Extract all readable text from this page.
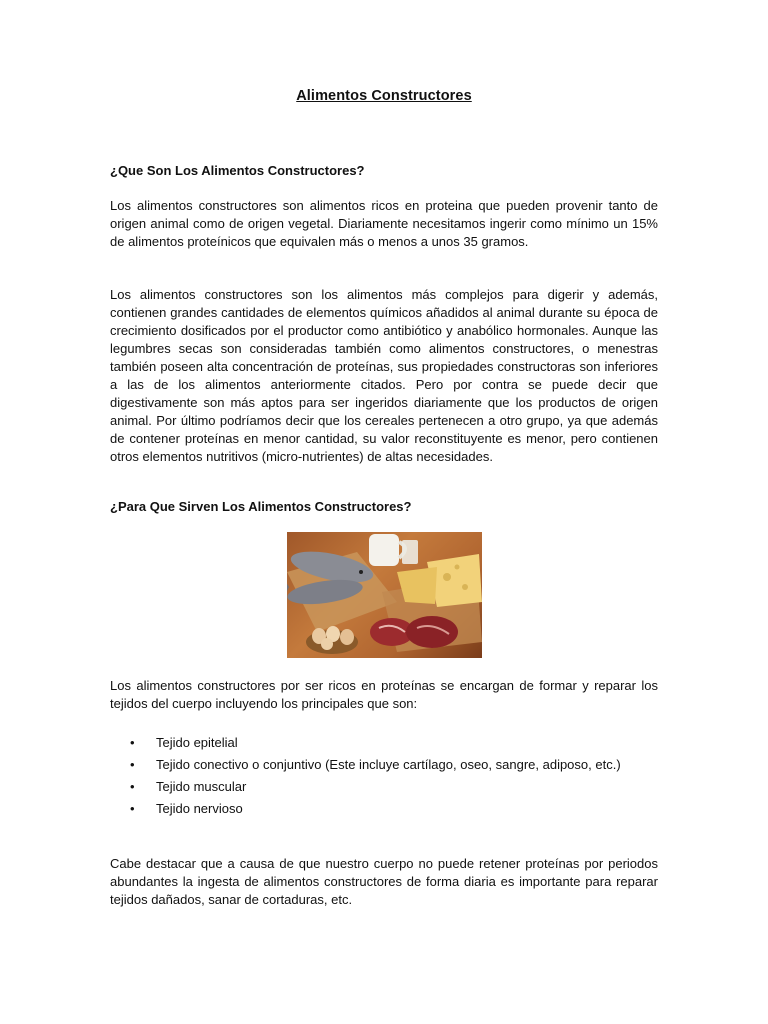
Alimentos Constructores
¿Que Son Los Alimentos Constructores?

Los alimentos constructores son alimentos ricos en proteina que pueden provenir tanto de origen animal como de origen vegetal. Diariamente necesitamos ingerir como mínimo un 15% de alimentos proteínicos que equivalen más o menos a unos 35 gramos.

Los alimentos constructores son los alimentos más complejos para digerir y además, contienen grandes cantidades de elementos químicos añadidos al animal durante su época de crecimiento dosificados por el productor como antibiótico y anabólico hormonales. Aunque las legumbres secas son consideradas también como alimentos constructores, o menestras también poseen alta concentración de proteínas, sus propiedades constructoras son inferiores a las de los alimentos anteriormente citados. Pero por contra se puede decir que digestivamente son más aptos para ser ingeridos diariamente que los productos de origen animal. Por último podríamos decir que los cereales pertenecen a otro grupo, ya que además de contener proteínas en menor cantidad, su valor reconstituyente es menor, pero contienen otros elementos nutritivos (micro-nutrientes) de altas necesidades.

¿Para Que Sirven Los Alimentos Constructores?

Los alimentos constructores por ser ricos en proteínas se encargan de formar y reparar los tejidos del cuerpo incluyendo los principales que son:

• Tejido epitelial
• Tejido conectivo o conjuntivo (Este incluye cartílago, oseo, sangre, adiposo, etc.)
• Tejido muscular
• Tejido nervioso

Cabe destacar que a causa de que nuestro cuerpo no puede retener proteínas por periodos abundantes la ingesta de alimentos constructores de forma diaria es importante para reparar tejidos dañados, sanar de cortaduras, etc.
